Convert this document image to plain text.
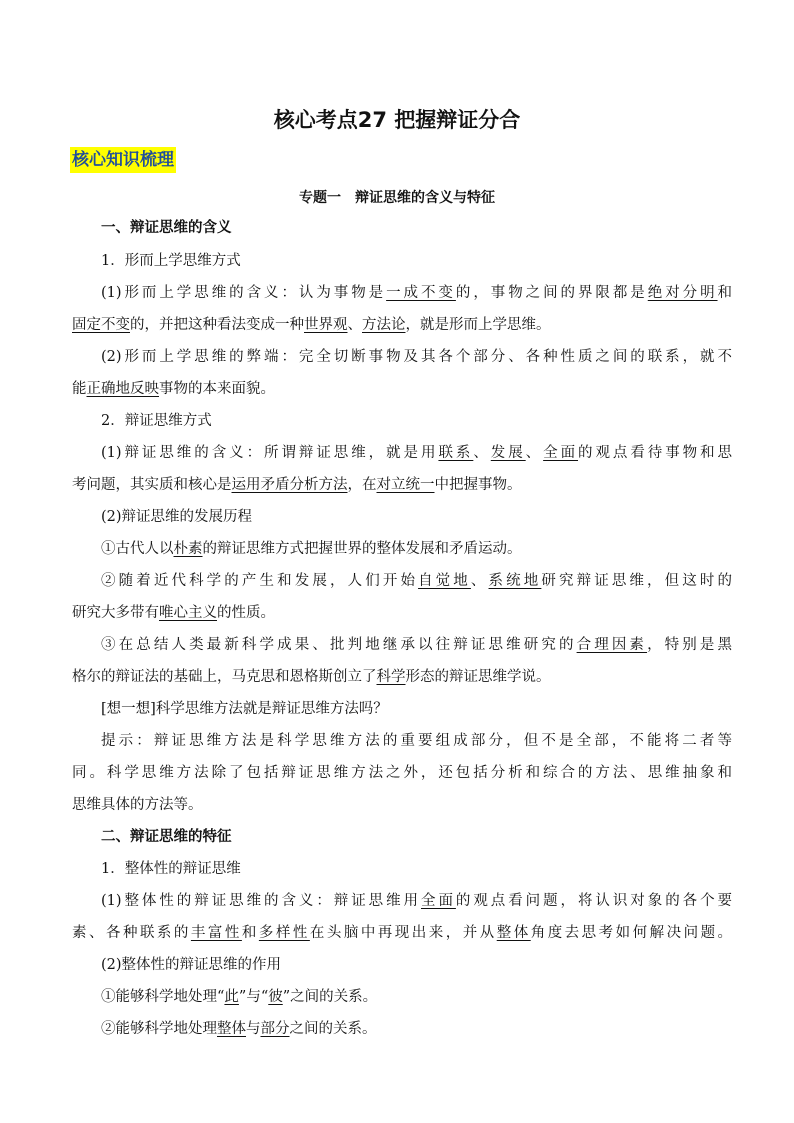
核心考点27 把握辩证分合
核心知识梳理
专题一　辩证思维的含义与特征
一、辩证思维的含义
1．形而上学思维方式
(1)形而上学思维的含义：认为事物是一成不变的，事物之间的界限都是绝对分明和
固定不变的，并把这种看法变成一种世界观、方法论，就是形而上学思维。
(2)形而上学思维的弊端：完全切断事物及其各个部分、各种性质之间的联系，就不
能正确地反映事物的本来面貌。
2．辩证思维方式
(1)辩证思维的含义：所谓辩证思维，就是用联系、发展、全面的观点看待事物和思
考问题，其实质和核心是运用矛盾分析方法，在对立统一中把握事物。
(2)辩证思维的发展历程
①古代人以朴素的辩证思维方式把握世界的整体发展和矛盾运动。
②随着近代科学的产生和发展，人们开始自觉地、系统地研究辩证思维，但这时的
研究大多带有唯心主义的性质。
③在总结人类最新科学成果、批判地继承以往辩证思维研究的合理因素，特别是黑
格尔的辩证法的基础上，马克思和恩格斯创立了科学形态的辩证思维学说。
[想一想]科学思维方法就是辩证思维方法吗？
提示：辩证思维方法是科学思维方法的重要组成部分，但不是全部，不能将二者等
同。科学思维方法除了包括辩证思维方法之外，还包括分析和综合的方法、思维抽象和
思维具体的方法等。
二、辩证思维的特征
1．整体性的辩证思维
(1)整体性的辩证思维的含义：辩证思维用全面的观点看问题，将认识对象的各个要
素、各种联系的丰富性和多样性在头脑中再现出来，并从整体角度去思考如何解决问题。
(2)整体性的辩证思维的作用
①能够科学地处理“此”与“彼”之间的关系。
②能够科学地处理整体与部分之间的关系。
